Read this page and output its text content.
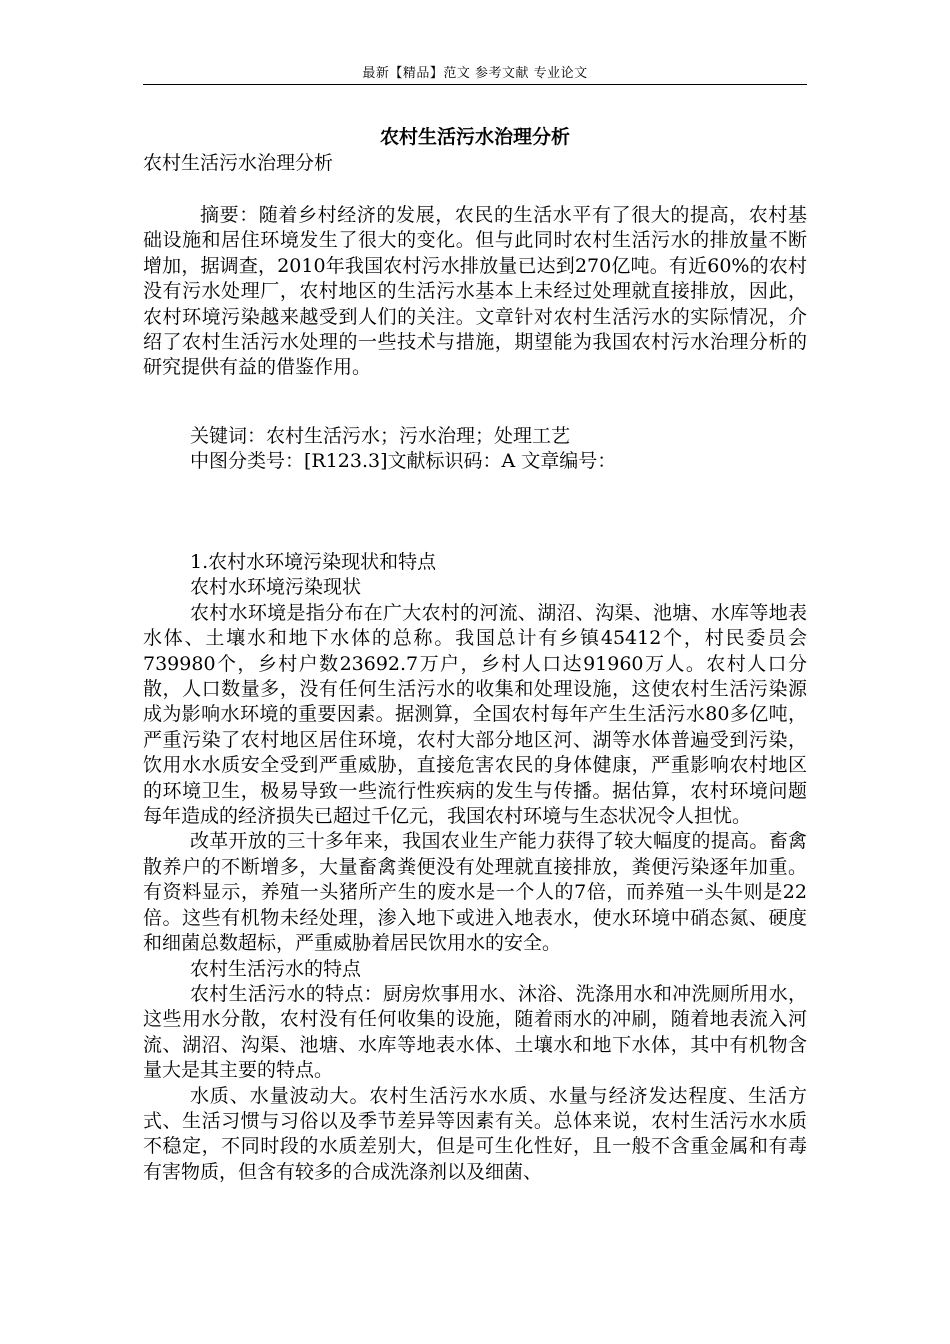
最新【精品】范文 参考文献 专业论文
农村生活污水治理分析
农村生活污水治理分析
摘要：随着乡村经济的发展，农民的生活水平有了很大的提高，农村基础设施和居住环境发生了很大的变化。但与此同时农村生活污水的排放量不断增加，据调查，2010年我国农村污水排放量已达到270亿吨。有近60%的农村没有污水处理厂，农村地区的生活污水基本上未经过处理就直接排放，因此，农村环境污染越来越受到人们的关注。文章针对农村生活污水的实际情况，介绍了农村生活污水处理的一些技术与措施，期望能为我国农村污水治理分析的研究提供有益的借鉴作用。

关键词：农村生活污水；污水治理；处理工艺

中图分类号：[R123.3]文献标识码：A 文章编号：

1.农村水环境污染现状和特点

农村水环境污染现状

农村水环境是指分布在广大农村的河流、湖沼、沟渠、池塘、水库等地表水体、土壤水和地下水体的总称。我国总计有乡镇45412个，村民委员会739980个，乡村户数23692.7万户，乡村人口达91960万人。农村人口分散，人口数量多，没有任何生活污水的收集和处理设施，这使农村生活污染源成为影响水环境的重要因素。据测算，全国农村每年产生生活污水80多亿吨，严重污染了农村地区居住环境，农村大部分地区河、湖等水体普遍受到污染，饮用水水质安全受到严重威胁，直接危害农民的身体健康，严重影响农村地区的环境卫生，极易导致一些流行性疾病的发生与传播。据估算，农村环境问题每年造成的经济损失已超过千亿元，我国农村环境与生态状况令人担忧。

改革开放的三十多年来，我国农业生产能力获得了较大幅度的提高。畜禽散养户的不断增多，大量畜禽粪便没有处理就直接排放，粪便污染逐年加重。有资料显示，养殖一头猪所产生的废水是一个人的7倍，而养殖一头牛则是22倍。这些有机物未经处理，渗入地下或进入地表水，使水环境中硝态氮、硬度和细菌总数超标，严重威胁着居民饮用水的安全。

农村生活污水的特点

农村生活污水的特点：厨房炊事用水、沐浴、洗涤用水和冲洗厕所用水，这些用水分散，农村没有任何收集的设施，随着雨水的冲刷，随着地表流入河流、湖沼、沟渠、池塘、水库等地表水体、土壤水和地下水体，其中有机物含量大是其主要的特点。

水质、水量波动大。农村生活污水水质、水量与经济发达程度、生活方式、生活习惯与习俗以及季节差异等因素有关。总体来说，农村生活污水水质不稳定，不同时段的水质差别大，但是可生化性好，且一般不含重金属和有毒有害物质，但含有较多的合成洗涤剂以及细菌、
